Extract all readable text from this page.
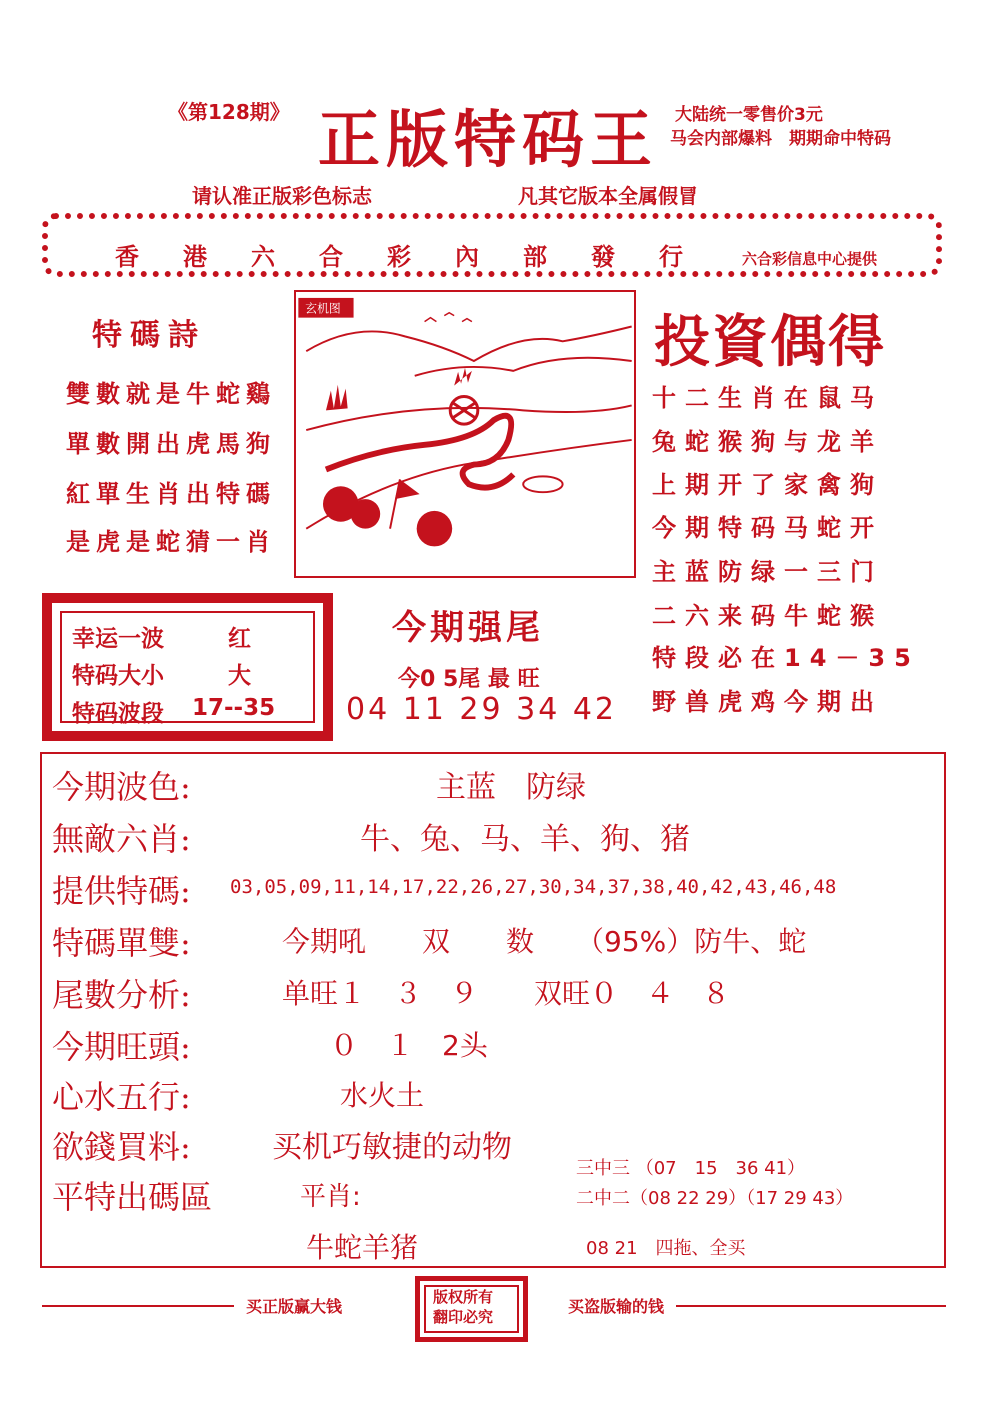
《第128期》 正版特码王 大陆统一零售价3元
马会内部爆料　期期命中特码
请认准正版彩色标志	凡其它版本全属假冒
香港六合彩內部發行 六合彩信息中心提供
特碼詩
雙數就是牛蛇鷄
單數開出虎馬狗
紅單生肖出特碼
是虎是蛇猜一肖
玄机图
投資偶得
十二生肖在鼠马
兔蛇猴狗与龙羊
上期开了家禽狗
今期特码马蛇开
主蓝防绿一三门
二六来码牛蛇猴
特段必在14－35
野兽虎鸡今期出
幸运一波	红
特码大小	大
特码波段 17--35
今期强尾
今0 5尾 最 旺
04 11 29 34 42
今期波色:	主蓝　防绿
無敵六肖:	牛、兔、马、羊、狗、猪
提供特碼: 03,05,09,11,14,17,22,26,27,30,34,37,38,40,42,43,46,48
特碼單雙:	今期吼　　双　　数　　（95%）防牛、蛇
尾數分析:	单旺１　３　９　　双旺０　４　８
今期旺頭:	０　１　2头
心水五行:	水火土
欲錢買料:	买机巧敏捷的动物
平特出碼區	平肖:
牛蛇羊猪
三中三 （07　15　36 41）
二中二（08 22 29）（17 29 43）
08 21　四拖、全买
买正版赢大钱	版权所有
翻印必究
买盗版输的钱
